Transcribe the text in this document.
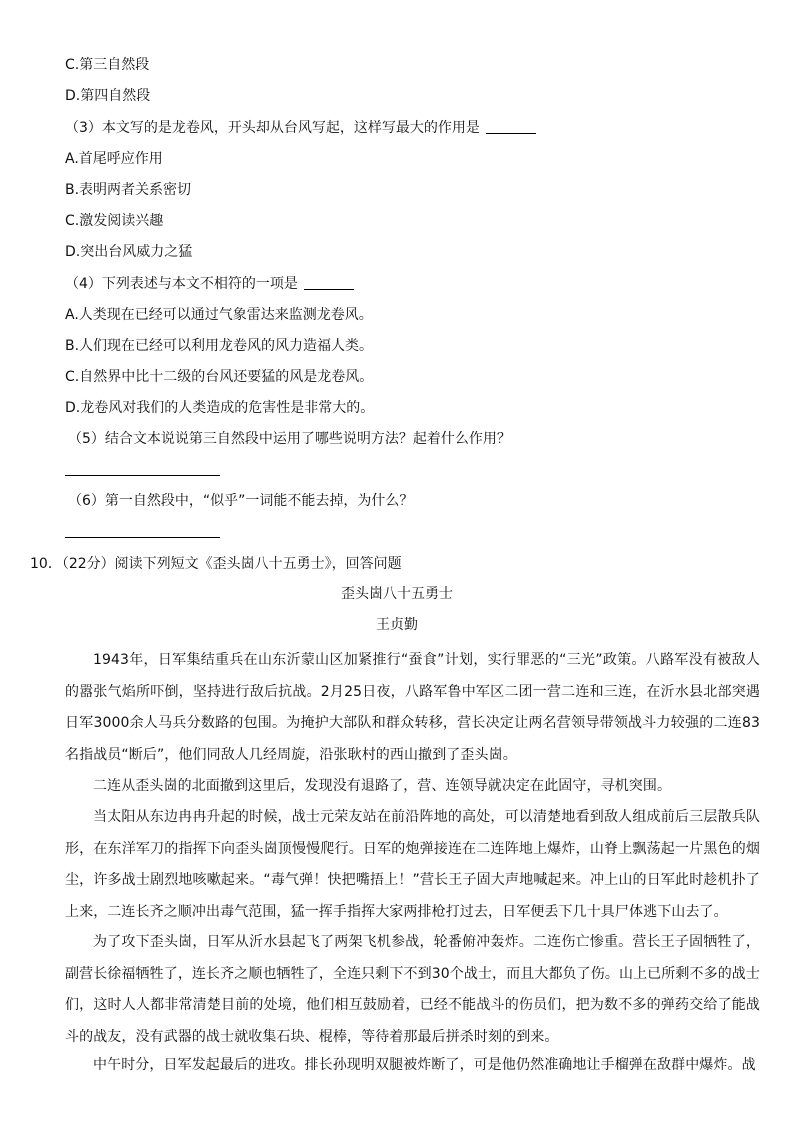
C.第三自然段
D.第四自然段
（3）本文写的是龙卷风，开头却从台风写起，这样写最大的作用是
A.首尾呼应作用
B.表明两者关系密切
C.激发阅读兴趣
D.突出台风威力之猛
（4）下列表述与本文不相符的一项是
A.人类现在已经可以通过气象雷达来监测龙卷风。
B.人们现在已经可以利用龙卷风的风力造福人类。
C.自然界中比十二级的台风还要猛的风是龙卷风。
D.龙卷风对我们的人类造成的危害性是非常大的。
（5）结合文本说说第三自然段中运用了哪些说明方法？起着什么作用？
（6）第一自然段中，“似乎”一词能不能去掉，为什么？
10．（22分）阅读下列短文《歪头崮八十五勇士》，回答问题
歪头崮八十五勇士
王贞勤
1943年，日军集结重兵在山东沂蒙山区加紧推行“蚕食”计划，实行罪恶的“三光”政策。八路军没有被敌人的嚣张气焰所吓倒，坚持进行敌后抗战。2月25日夜，八路军鲁中军区二团一营二连和三连，在沂水县北部突遇日军3000余人马兵分数路的包围。为掩护大部队和群众转移，营长决定让两名营领导带领战斗力较强的二连83名指战员“断后”，他们同敌人几经周旋，沿张耿村的西山撤到了歪头崮。
二连从歪头崮的北面撤到这里后，发现没有退路了，营、连领导就决定在此固守，寻机突围。
当太阳从东边冉冉升起的时候，战士元荣友站在前沿阵地的高处，可以清楚地看到敌人组成前后三层散兵队形，在东洋军刀的指挥下向歪头崮顶慢慢爬行。日军的炮弹接连在二连阵地上爆炸，山脊上飘荡起一片黑色的烟尘，许多战士剧烈地咳嗽起来。“毒气弹！快把嘴捂上！”营长王子固大声地喊起来。冲上山的日军此时趁机扑了上来，二连长齐之顺冲出毒气范围，猛一挥手指挥大家两排枪打过去，日军便丢下几十具尸体逃下山去了。
为了攻下歪头崮，日军从沂水县起飞了两架飞机参战，轮番俯冲轰炸。二连伤亡惨重。营长王子固牺牲了，副营长徐福牺牲了，连长齐之顺也牺牲了，全连只剩下不到30个战士，而且大都负了伤。山上已所剩不多的战士们，这时人人都非常清楚目前的处境，他们相互鼓励着，已经不能战斗的伤员们，把为数不多的弹药交给了能战斗的战友，没有武器的战士就收集石块、棍棒，等待着那最后拼杀时刻的到来。
中午时分，日军发起最后的进攻。排长孙现明双腿被炸断了，可是他仍然准确地让手榴弹在敌群中爆炸。战
